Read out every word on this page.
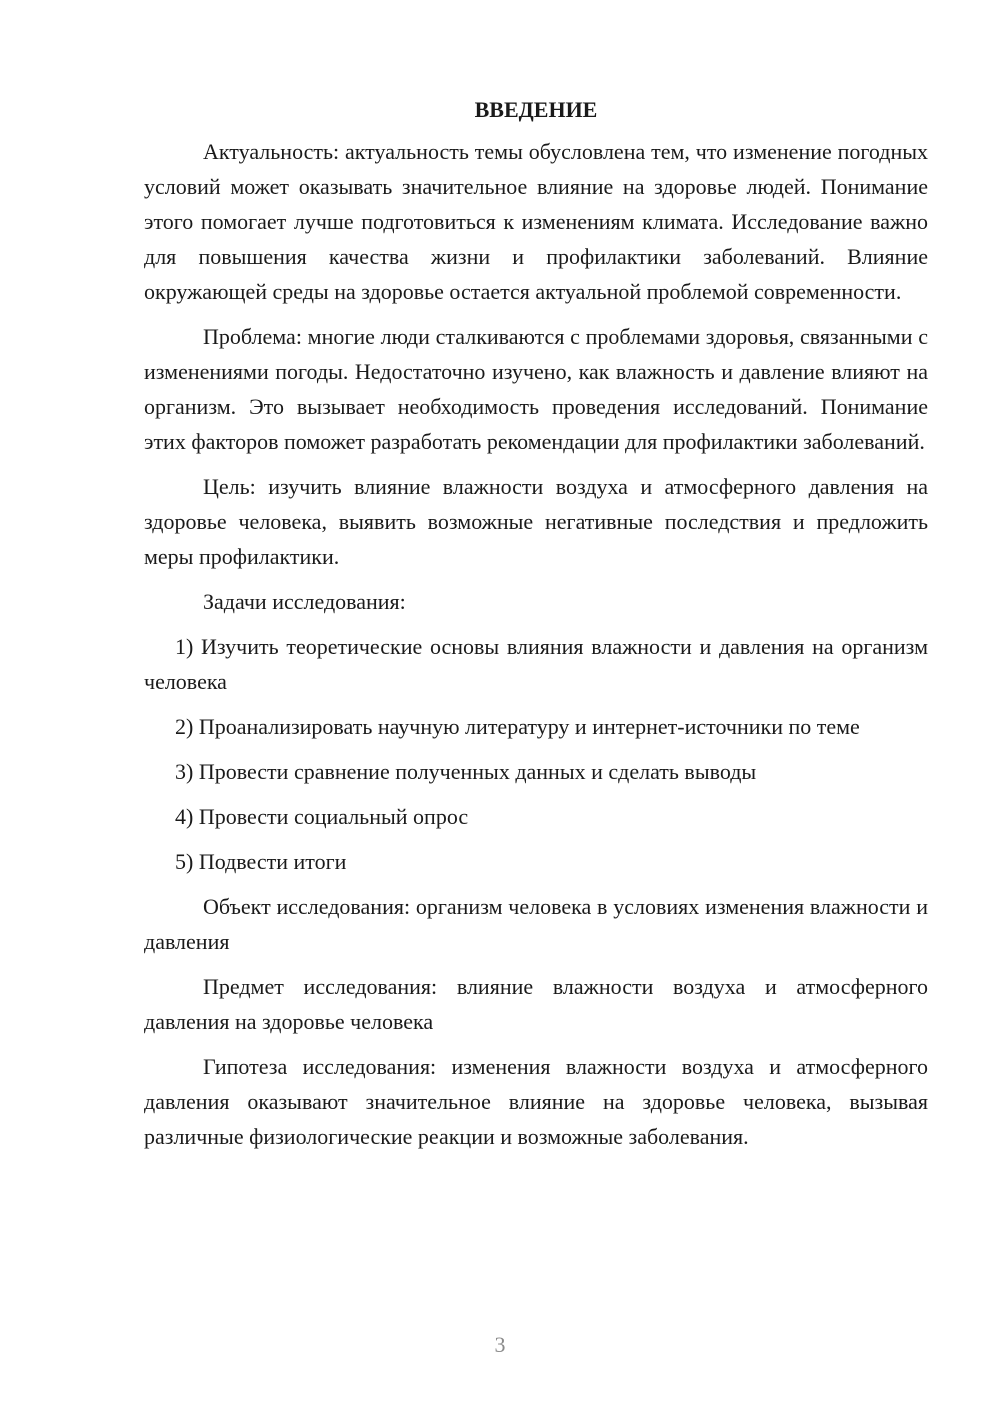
ВВЕДЕНИЕ

Актуальность: актуальность темы обусловлена тем, что изменение погодных условий может оказывать значительное влияние на здоровье людей. Понимание этого помогает лучше подготовиться к изменениям климата. Исследование важно для повышения качества жизни и профилактики заболеваний. Влияние окружающей среды на здоровье остается актуальной проблемой современности.

Проблема: многие люди сталкиваются с проблемами здоровья, связанными с изменениями погоды. Недостаточно изучено, как влажность и давление влияют на организм. Это вызывает необходимость проведения исследований. Понимание этих факторов поможет разработать рекомендации для профилактики заболеваний.

Цель: изучить влияние влажности воздуха и атмосферного давления на здоровье человека, выявить возможные негативные последствия и предложить меры профилактики.

Задачи исследования:

1) Изучить теоретические основы влияния влажности и давления на организм человека

2) Проанализировать научную литературу и интернет-источники по теме

3) Провести сравнение полученных данных и сделать выводы

4) Провести социальный опрос

5) Подвести итоги

Объект исследования: организм человека в условиях изменения влажности и давления

Предмет исследования: влияние влажности воздуха и атмосферного давления на здоровье человека

Гипотеза исследования: изменения влажности воздуха и атмосферного давления оказывают значительное влияние на здоровье человека, вызывая различные физиологические реакции и возможные заболевания.

3
